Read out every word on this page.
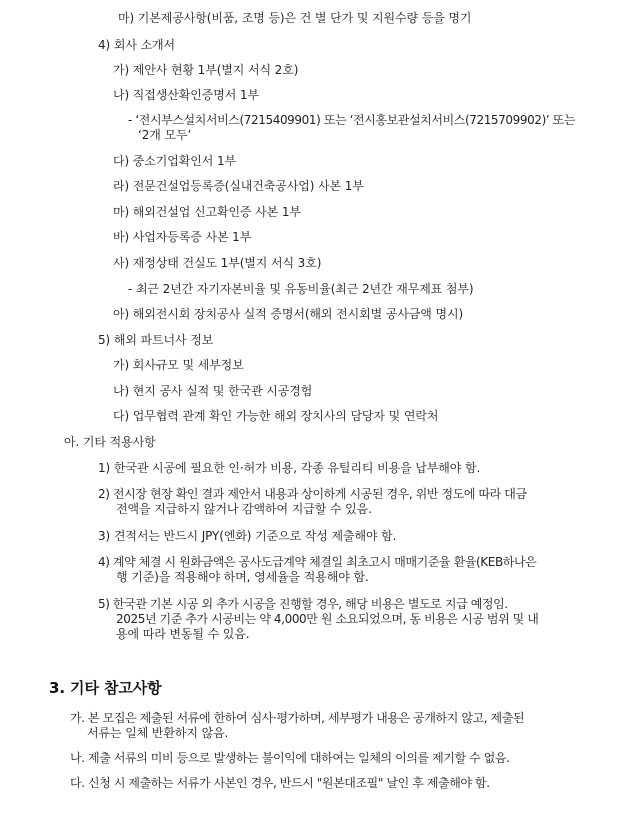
마) 기본제공사항(비품, 조명 등)은 건 별 단가 및 지원수량 등을 명기
4) 회사 소개서
가) 제안사 현황 1부(별지 서식 2호)
나) 직접생산확인증명서 1부
- ‘전시부스설치서비스(7215409901) 또는 ‘전시홍보관설치서비스(7215709902)’ 또는
‘2개 모두’
다) 중소기업확인서 1부
라) 전문건설업등록증(실내건축공사업) 사본 1부
마) 해외건설업 신고확인증 사본 1부
바) 사업자등록증 사본 1부
사) 재정상태 건실도 1부(별지 서식 3호)
- 최근 2년간 자기자본비율 및 유동비율(최근 2년간 재무제표 첨부)
아) 해외전시회 장치공사 실적 증명서(해외 전시회별 공사금액 명시)
5) 해외 파트너사 정보
가) 회사규모 및 세부정보
나) 현지 공사 실적 및 한국관 시공경험
다) 업무협력 관계 확인 가능한 해외 장치사의 담당자 및 연락처
아. 기타 적용사항
1) 한국관 시공에 필요한 인·허가 비용, 각종 유틸리티 비용을 납부해야 함.
2) 전시장 현장 확인 결과 제안서 내용과 상이하게 시공된 경우, 위반 정도에 따라 대금
전액을 지급하지 않거나 감액하여 지급할 수 있음.
3) 견적서는 반드시 JPY(엔화) 기준으로 작성 제출해야 함.
4) 계약 체결 시 원화금액은 공사도급계약 체결일 최초고시 매매기준율 환율(KEB하나은
행 기준)을 적용해야 하며, 영세율을 적용해야 함.
5) 한국관 기본 시공 외 추가 시공을 진행할 경우, 해당 비용은 별도로 지급 예정임.
2025년 기준 추가 시공비는 약 4,000만 원 소요되었으며, 동 비용은 시공 범위 및 내
용에 따라 변동될 수 있음.
3. 기타 참고사항
가. 본 모집은 제출된 서류에 한하여 심사·평가하며, 세부평가 내용은 공개하지 않고, 제출된
서류는 일체 반환하지 않음.
나. 제출 서류의 미비 등으로 발생하는 불이익에 대하여는 일체의 이의를 제기할 수 없음.
다. 신청 시 제출하는 서류가 사본인 경우, 반드시 "원본대조필" 날인 후 제출해야 함.
